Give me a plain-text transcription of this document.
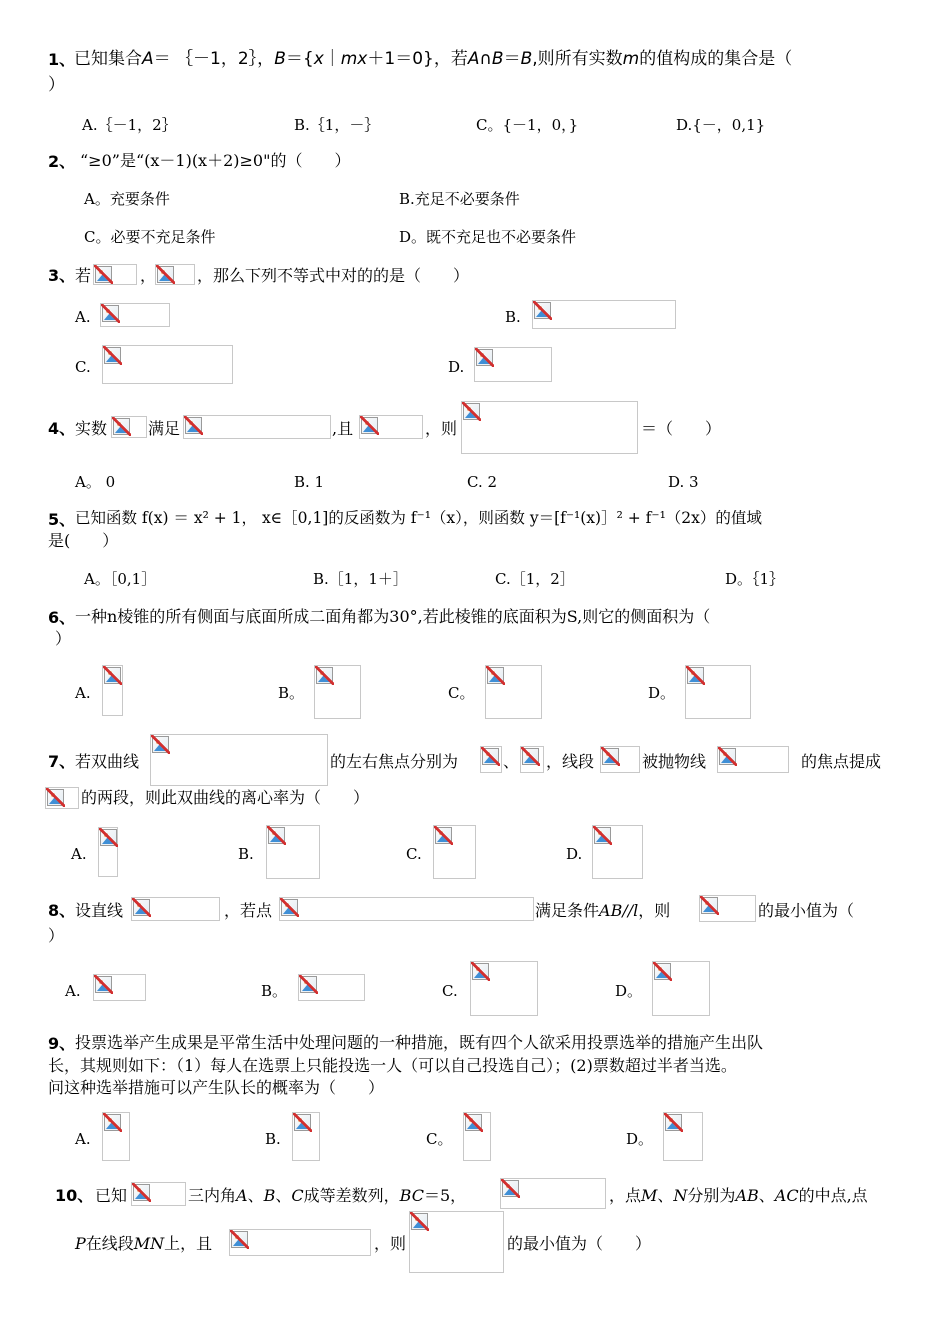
1、
已知集合A＝ ｛－1，2｝，B＝{x｜mx＋1＝0}，若A∩B＝B,则所有实数m的值构成的集合是（
）
A.｛－1，2｝	B.｛1，－｝	C。{－1，0，}	D.{－，0,1}
2、 “≥0”是“(x－1)(x＋2)≥0"的（　　）
A。充要条件	B.充足不必要条件
C。必要不充足条件	D。既不充足也不必要条件
3、 若	，	，那么下列不等式中对的的是（　　）
A.	B.
C.	D.
4、 实数	满足	,且	，则	＝（　　）
A。 0	B. 1	C. 2	D. 3
5、 已知函数 f(x) ＝ x² + 1， x∈［0,1]的反函数为 f⁻¹（x），则函数 y＝[f⁻¹(x)］² + f⁻¹（2x）的值域
是(　　）
A。［0,1］	B.［1，1＋］	C.［1，2］	D。｛1｝
6、 一种n棱锥的所有侧面与底面所成二面角都为30°,若此棱锥的底面积为S,则它的侧面积为（
）
A.	B。	C。	D。
7、 若双曲线	的左右焦点分别为	、 ，线段	被抛物线	的焦点提成
的两段，则此双曲线的离心率为（　　）
A.	B.	C.	D.
8、 设直线	，若点	满足条件AB//l，则	的最小值为（
）
A.	B。	C.	D。
9、 投票选举产生成果是平常生活中处理问题的一种措施，既有四个人欲采用投票选举的措施产生出队
长，其规则如下：（1）每人在选票上只能投选一人（可以自己投选自己）；(2)票数超过半者当选。
问这种选举措施可以产生队长的概率为（　　）
A.	B.	C。	D。
10、 已知	三内角A、B、C成等差数列，BC＝5，	，点M、N分别为AB、AC的中点,点
P在线段MN上，且	，则	的最小值为（　　）
